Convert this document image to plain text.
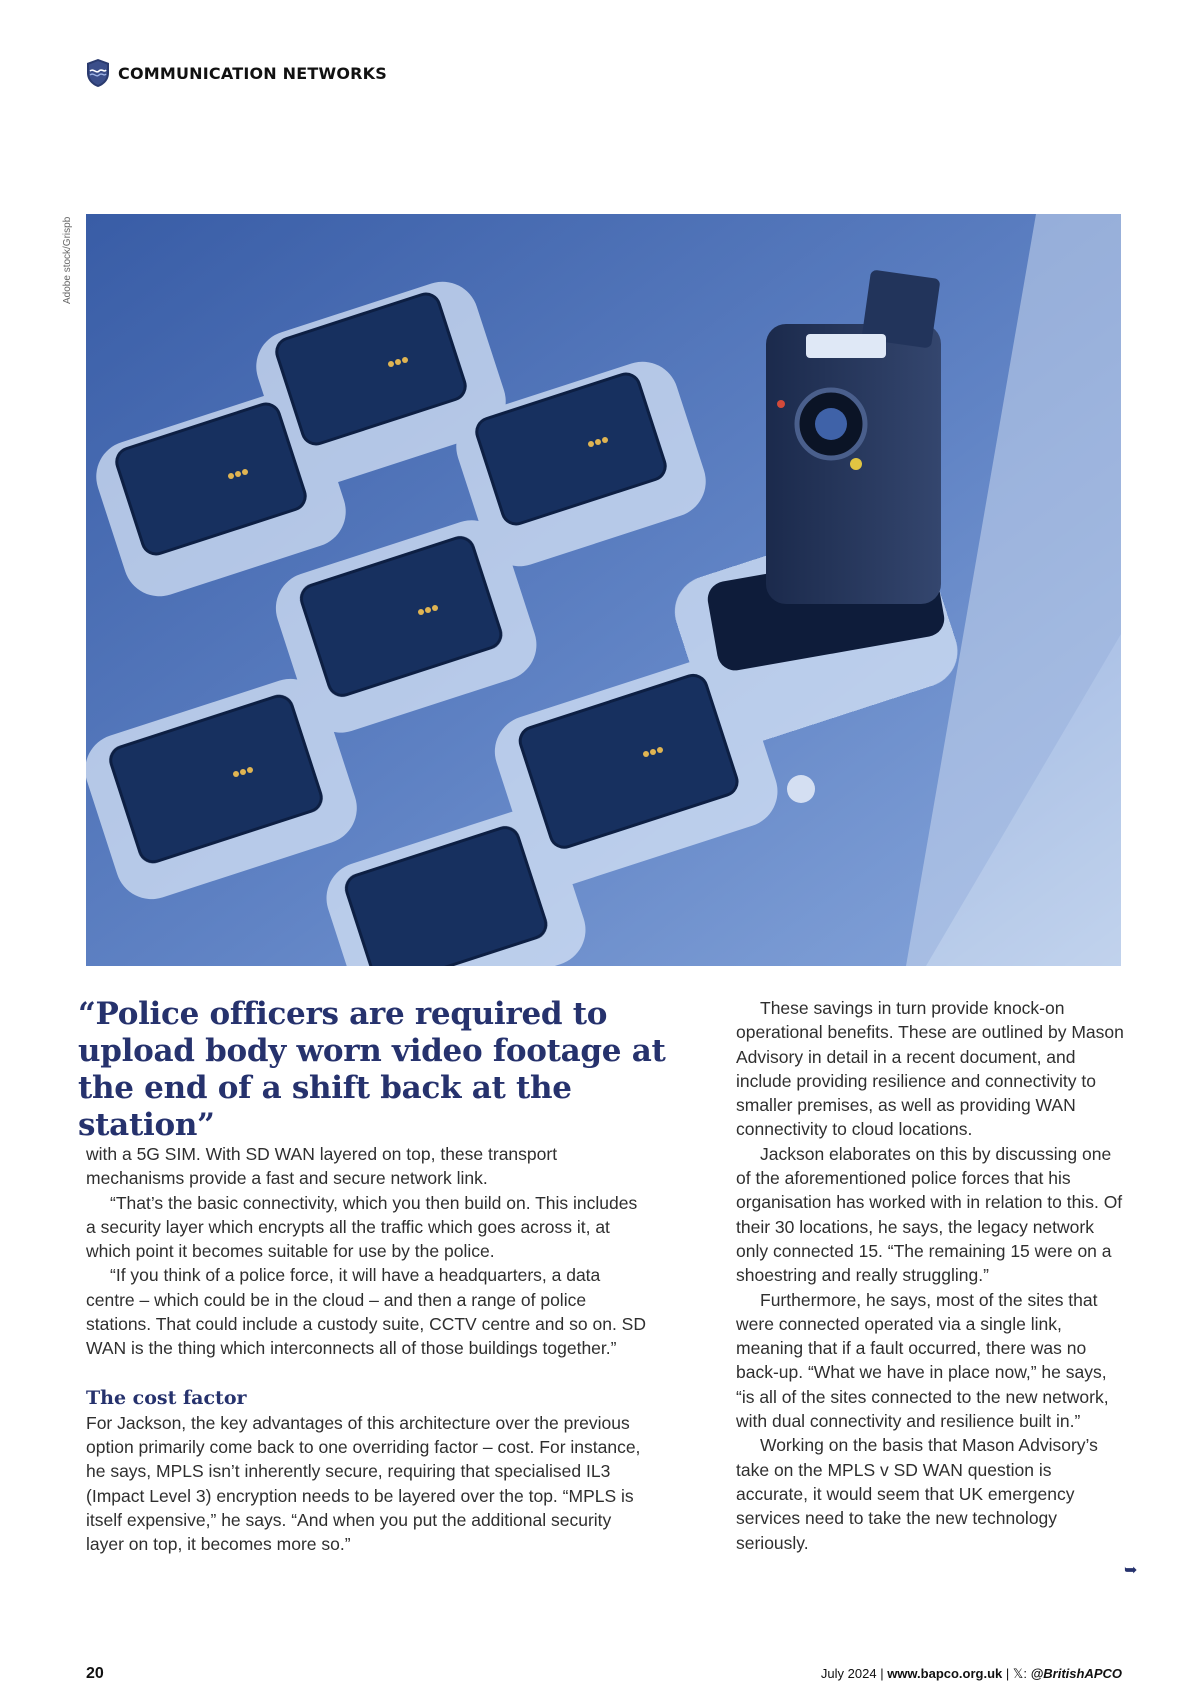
COMMUNICATION NETWORKS
Adobe stock/Grispb
“Police officers are required to upload body worn video footage at the end of a shift back at the station”

with a 5G SIM. With SD WAN layered on top, these transport mechanisms provide a fast and secure network link.

“That’s the basic connectivity, which you then build on. This includes a security layer which encrypts all the traffic which goes across it, at which point it becomes suitable for use by the police.

“If you think of a police force, it will have a headquarters, a data centre – which could be in the cloud – and then a range of police stations. That could include a custody suite, CCTV centre and so on. SD WAN is the thing which interconnects all of those buildings together.”

The cost factor

For Jackson, the key advantages of this architecture over the previous option primarily come back to one overriding factor – cost. For instance, he says, MPLS isn’t inherently secure, requiring that specialised IL3 (Impact Level 3) encryption needs to be layered over the top. “MPLS is itself expensive,” he says. “And when you put the additional security layer on top, it becomes more so.”

These savings in turn provide knock-on operational benefits. These are outlined by Mason Advisory in detail in a recent document, and include providing resilience and connectivity to smaller premises, as well as providing WAN connectivity to cloud locations.

Jackson elaborates on this by discussing one of the aforementioned police forces that his organisation has worked with in relation to this. Of their 30 locations, he says, the legacy network only connected 15. “The remaining 15 were on a shoestring and really struggling.”

Furthermore, he says, most of the sites that were connected operated via a single link, meaning that if a fault occurred, there was no back-up. “What we have in place now,” he says, “is all of the sites connected to the new network, with dual connectivity and resilience built in.”

Working on the basis that Mason Advisory’s take on the MPLS v SD WAN question is accurate, it would seem that UK emergency services need to take the new technology seriously.

➥
20	July 2024 | www.bapco.org.uk | 𝕏: @BritishAPCO
